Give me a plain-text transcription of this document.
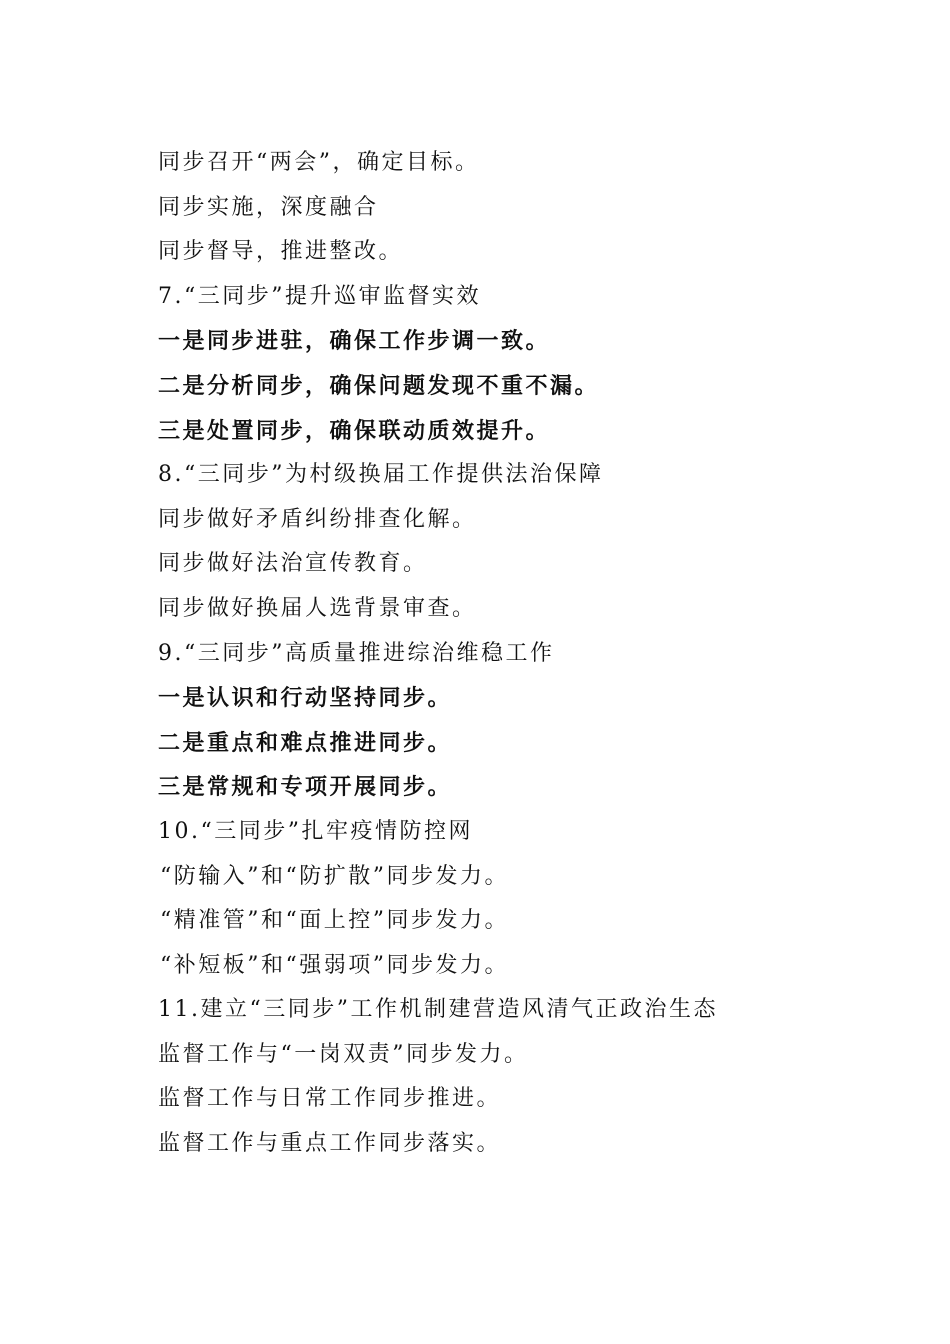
同步召开“两会”，确定目标。
同步实施，深度融合
同步督导，推进整改。
7.“三同步”提升巡审监督实效
一是同步进驻，确保工作步调一致。
二是分析同步，确保问题发现不重不漏。
三是处置同步，确保联动质效提升。
8.“三同步”为村级换届工作提供法治保障
同步做好矛盾纠纷排查化解。
同步做好法治宣传教育。
同步做好换届人选背景审查。
9.“三同步”高质量推进综治维稳工作
一是认识和行动坚持同步。
二是重点和难点推进同步。
三是常规和专项开展同步。
10.“三同步”扎牢疫情防控网
“防输入”和“防扩散”同步发力。
“精准管”和“面上控”同步发力。
“补短板”和“强弱项”同步发力。
11.建立“三同步”工作机制建营造风清气正政治生态
监督工作与“一岗双责”同步发力。
监督工作与日常工作同步推进。
监督工作与重点工作同步落实。
